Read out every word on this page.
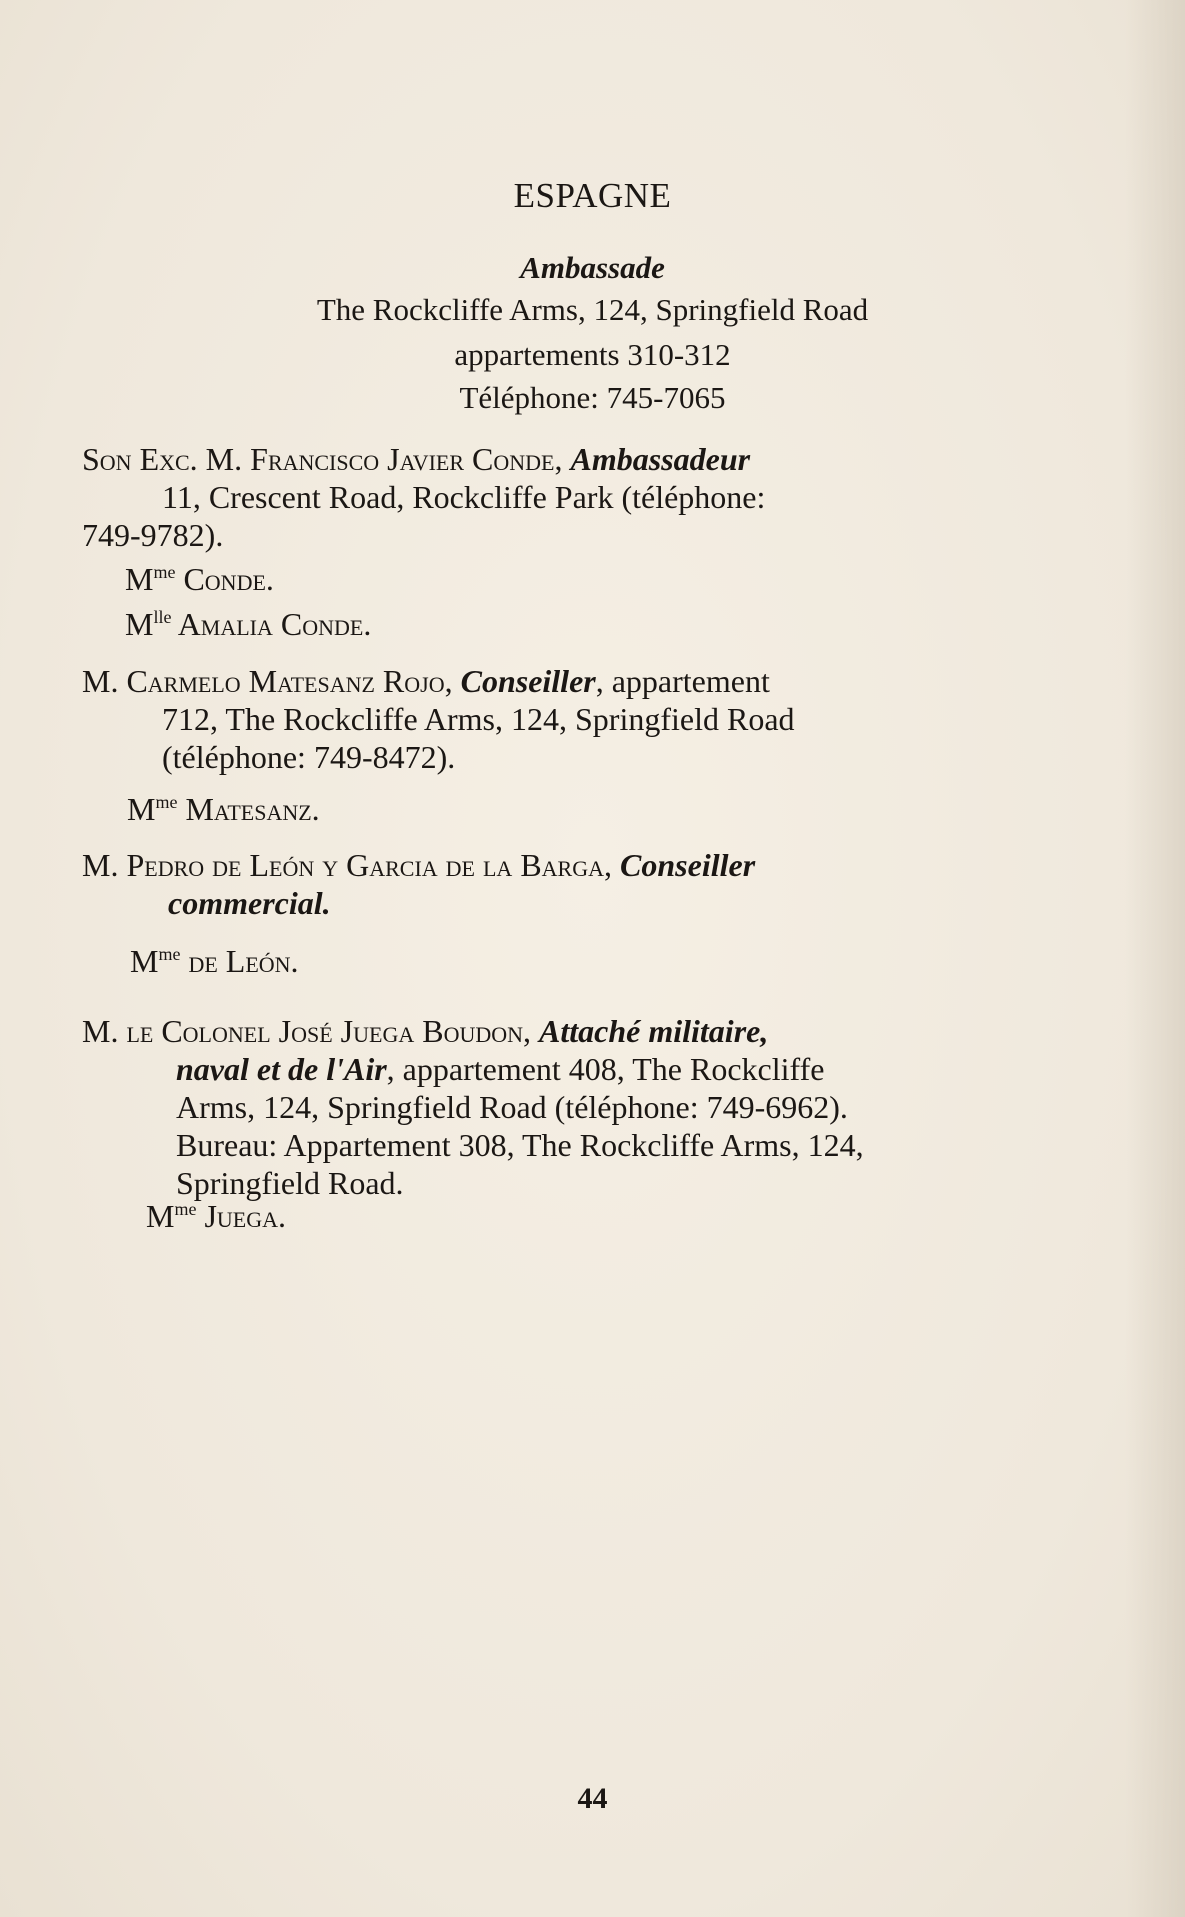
ESPAGNE
Ambassade
The Rockcliffe Arms, 124, Springfield Road
appartements 310-312
Téléphone: 745-7065
Son Exc. M. Francisco Javier Conde, Ambassadeur
11, Crescent Road, Rockcliffe Park (téléphone:
749-9782).
$M^{me}$ Conde.
$M^{lle}$ Amalia Conde.
M. Carmelo Matesanz Rojo, Conseiller, appartement
712, The Rockcliffe Arms, 124, Springfield Road
(téléphone: 749-8472).
$M^{me}$ Matesanz.
M. Pedro de León y Garcia de la Barga, Conseiller
commercial.
$M^{me}$ de León.
M. le Colonel José Juega Boudon, Attaché militaire,
naval et de l'Air, appartement 408, The Rockcliffe
Arms, 124, Springfield Road (téléphone: 749-6962).
Bureau: Appartement 308, The Rockcliffe Arms, 124,
Springfield Road.
$M^{me}$ Juega.
44
